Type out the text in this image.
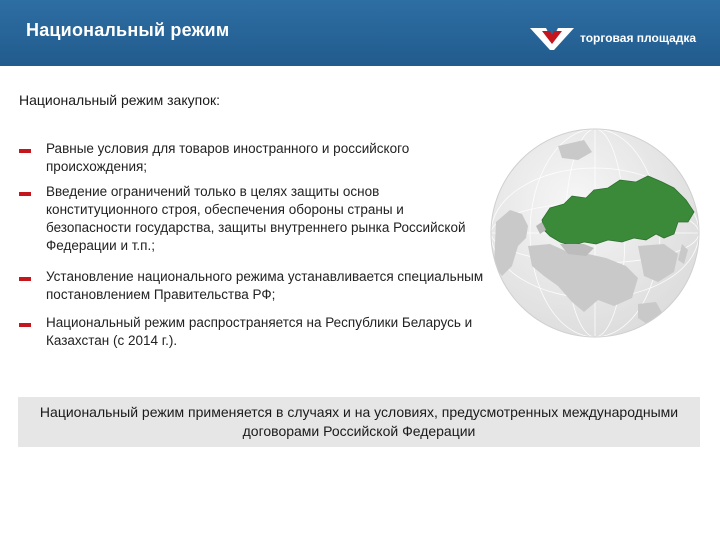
Национальный режим	торговая площадка
Национальный режим закупок:
Равные условия для товаров иностранного и российского происхождения;
Введение ограничений только в целях защиты основ конституционного строя, обеспечения обороны страны и безопасности государства, защиты внутреннего рынка Российской Федерации и т.п.;
Установление национального режима устанавливается специальным постановлением Правительства РФ;
Национальный режим распространяется на Республики Беларусь и Казахстан (с 2014 г.).
Национальный режим применяется в случаях и на условиях, предусмотренных международными договорами Российской Федерации
